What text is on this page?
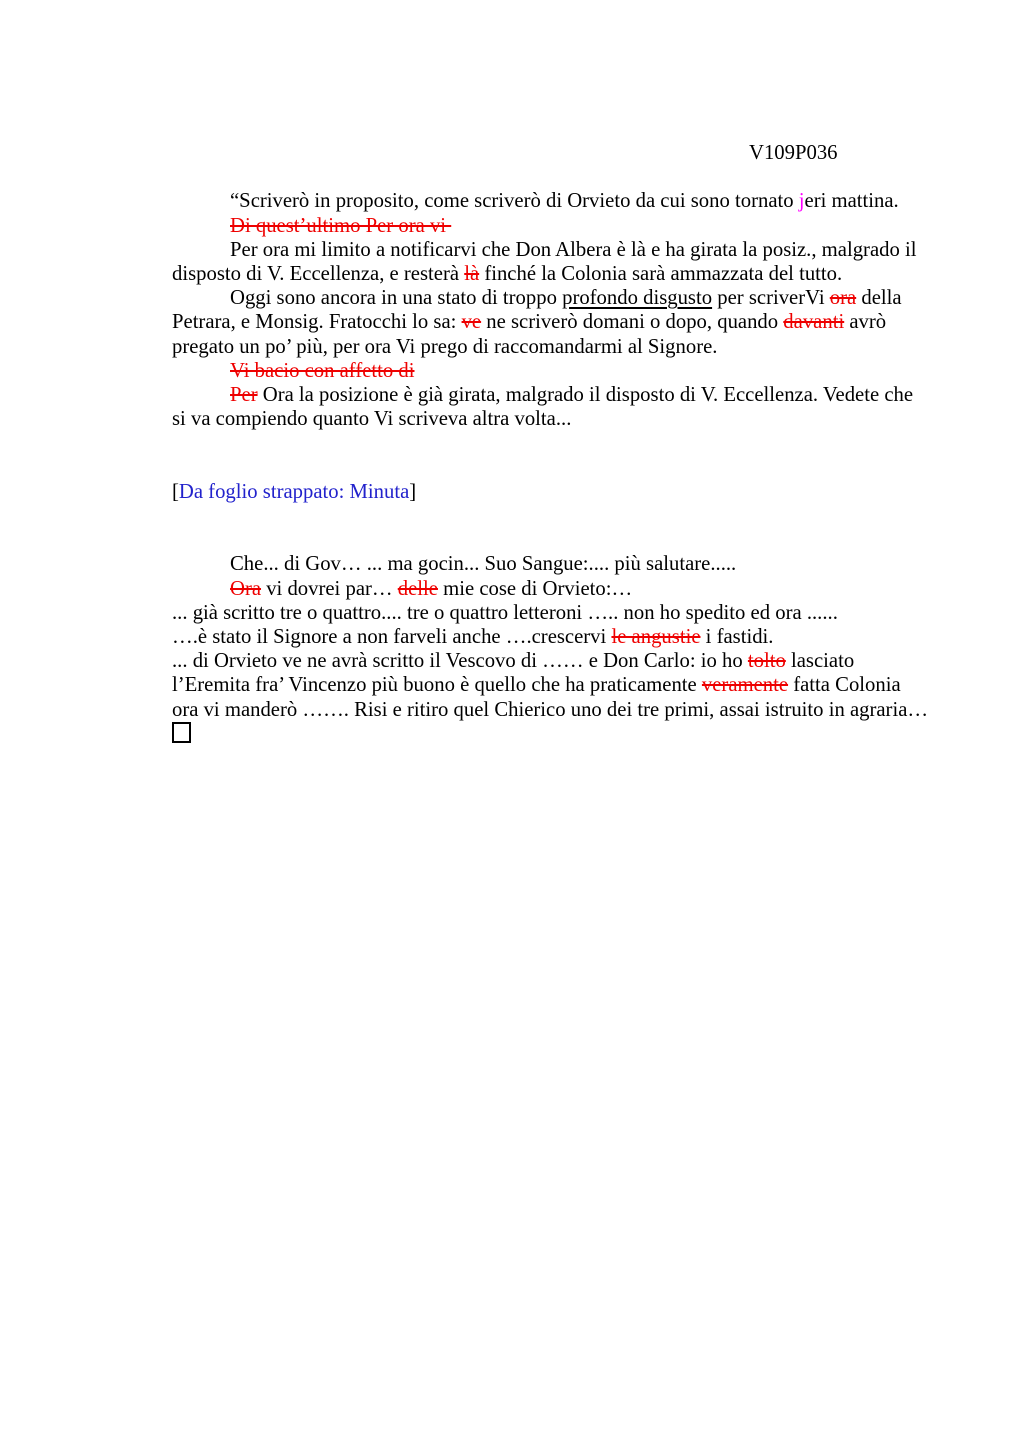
V109P036
“Scriverò in proposito, come scriverò di Orvieto da cui sono tornato jeri mattina.
Di quest’ultimo Per ora vi
Per ora mi limito a notificarvi che Don Albera è là e ha girata la posiz., malgrado il
disposto di V. Eccellenza, e resterà là finché la Colonia sarà ammazzata del tutto.
Oggi sono ancora in una stato di troppo profondo disgusto per scriverVi ora della
Petrara, e Monsig. Fratocchi lo sa: ve ne scriverò domani o dopo, quando davanti avrò
pregato un po’ più, per ora Vi prego di raccomandarmi al Signore.
Vi bacio con affetto di
Per Ora la posizione è già girata, malgrado il disposto di V. Eccellenza. Vedete che
si va compiendo quanto Vi scriveva altra volta...
[Da foglio strappato: Minuta]
Che... di Gov… ... ma gocin... Suo Sangue:.... più salutare.....
Ora vi dovrei par… delle mie cose di Orvieto:…
... già scritto tre o quattro.... tre o quattro letteroni ….. non ho spedito ed ora ......
….è stato il Signore a non farveli anche ….crescervi le angustie i fastidi.
... di Orvieto ve ne avrà scritto il Vescovo di …… e Don Carlo: io ho tolto lasciato
l’Eremita fra’ Vincenzo più buono è quello che ha praticamente veramente fatta Colonia
ora vi manderò ……. Risi e ritiro quel Chierico uno dei tre primi, assai istruito in agraria…
